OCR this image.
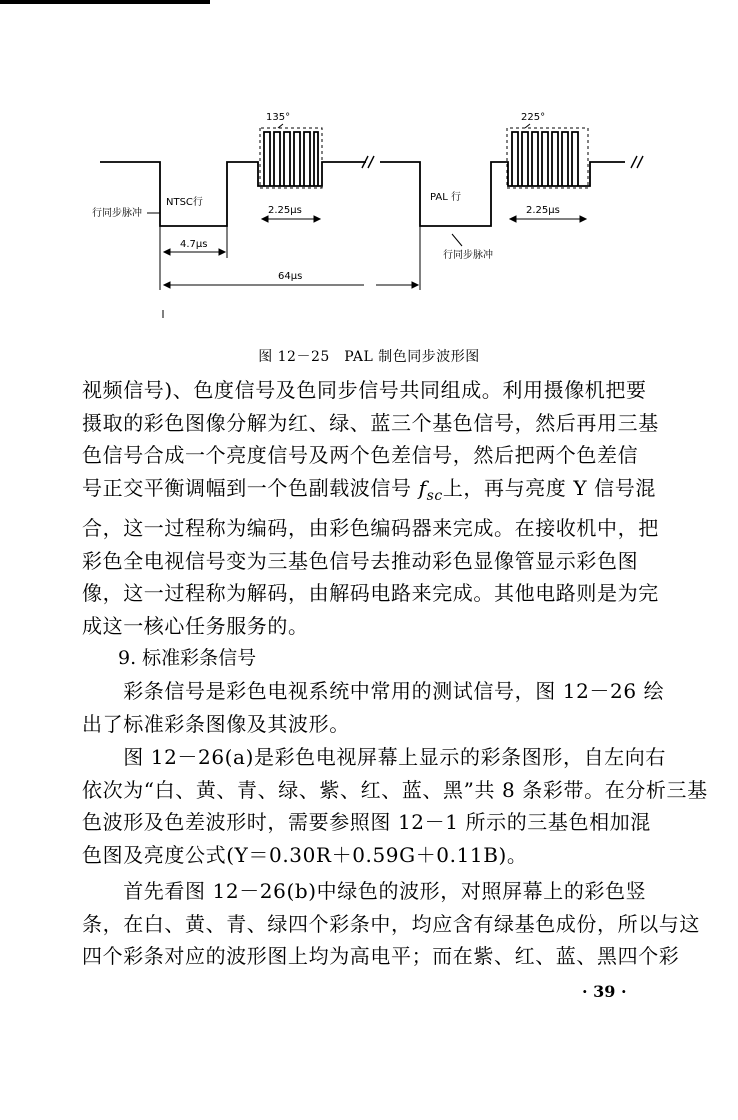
135°	225°
行同步脉冲
NTSC行	PAL 行
行同步脉冲
2.25μs	2.25μs
4.7μs
64μs
图 12－25　PAL 制色同步波形图
视频信号)、色度信号及色同步信号共同组成。利用摄像机把要
摄取的彩色图像分解为红、绿、蓝三个基色信号，然后再用三基
色信号合成一个亮度信号及两个色差信号，然后把两个色差信
号正交平衡调幅到一个色副载波信号 $f_{sc}$上，再与亮度 Y 信号混
合，这一过程称为编码，由彩色编码器来完成。在接收机中，把
彩色全电视信号变为三基色信号去推动彩色显像管显示彩色图
像，这一过程称为解码，由解码电路来完成。其他电路则是为完
成这一核心任务服务的。
9. 标准彩条信号
　　彩条信号是彩色电视系统中常用的测试信号，图 12－26 绘
出了标准彩条图像及其波形。
　　图 12－26(a)是彩色电视屏幕上显示的彩条图形，自左向右
依次为“白、黄、青、绿、紫、红、蓝、黑”共 8 条彩带。在分析三基
色波形及色差波形时，需要参照图 12－1 所示的三基色相加混
色图及亮度公式(Y＝0.30R＋0.59G＋0.11B)。
　　首先看图 12－26(b)中绿色的波形，对照屏幕上的彩色竖
条，在白、黄、青、绿四个彩条中，均应含有绿基色成份，所以与这
四个彩条对应的波形图上均为高电平；而在紫、红、蓝、黑四个彩
· 39 ·
